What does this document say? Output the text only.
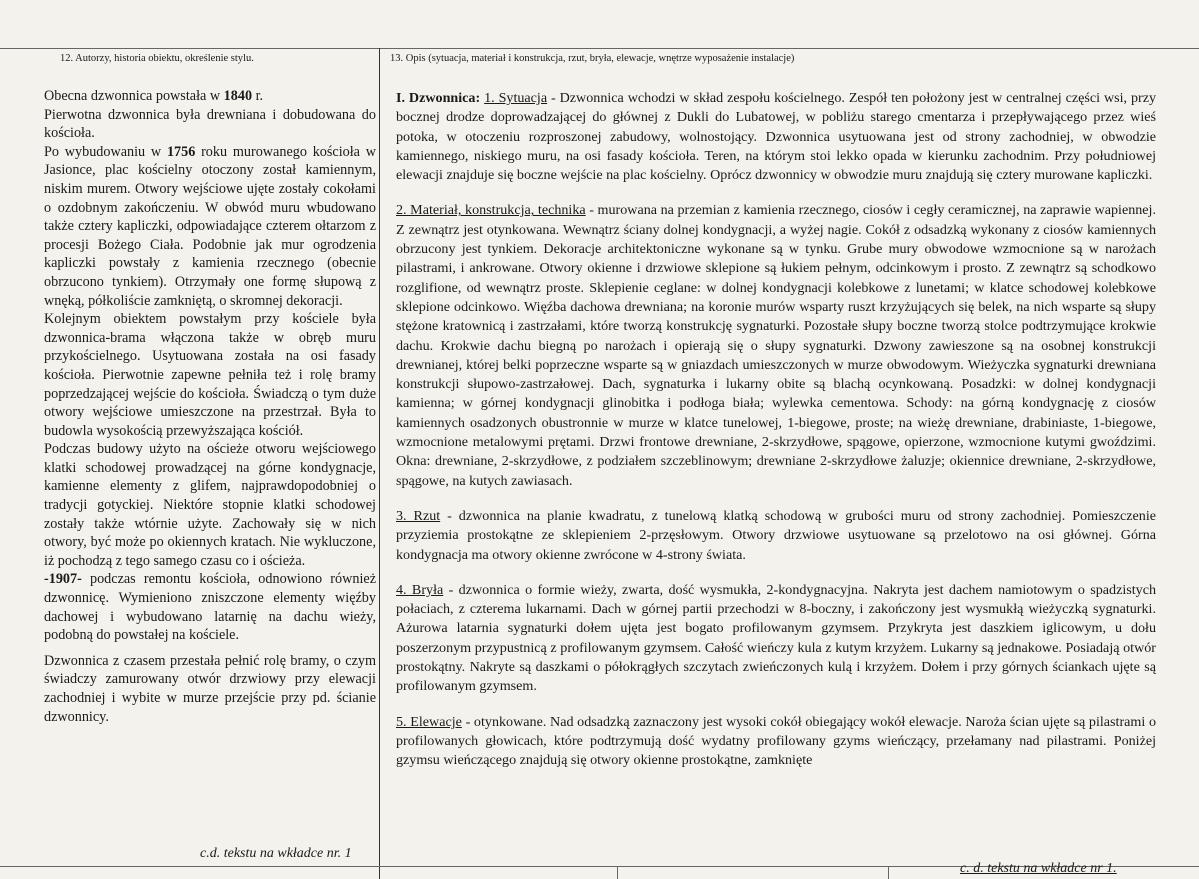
12. Autorzy, historia obiektu, określenie stylu.	13. Opis (sytuacja, materiał i konstrukcja, rzut, bryła, elewacje, wnętrze wyposażenie instalacje)

Obecna dzwonnica powstała w 1840 r.

Pierwotna dzwonnica była drewniana i dobudowana do kościoła.

Po wybudowaniu w 1756 roku murowanego kościoła w Jasionce, plac kościelny otoczony został kamiennym, niskim murem. Otwory wejściowe ujęte zostały cokołami o ozdobnym zakończeniu. W obwód muru wbudowano także cztery kapliczki, odpowiadające czterem ołtarzom z procesji Bożego Ciała. Podobnie jak mur ogrodzenia kapliczki powstały z kamienia rzecznego (obecnie obrzucono tynkiem). Otrzymały one formę słupową z wnęką, półkoliście zamkniętą, o skromnej dekoracji.

Kolejnym obiektem powstałym przy kościele była dzwonnica-brama włączona także w obręb muru przykościelnego. Usytuowana została na osi fasady kościoła. Pierwotnie zapewne pełniła też i rolę bramy poprzedzającej wejście do kościoła. Świadczą o tym duże otwory wejściowe umieszczone na przestrzał. Była to budowla wysokością przewyższająca kościół.

Podczas budowy użyto na ościeże otworu wejściowego klatki schodowej prowadzącej na górne kondygnacje, kamienne elementy z glifem, najprawdopodobniej o tradycji gotyckiej. Niektóre stopnie klatki schodowej zostały także wtórnie użyte. Zachowały się w nich otwory, być może po okiennych kratach. Nie wykluczone, iż pochodzą z tego samego czasu co i ościeża.

-1907- podczas remontu kościoła, odnowiono również dzwonnicę. Wymieniono zniszczone elementy więźby dachowej i wybudowano latarnię na dachu wieży, podobną do powstałej na kościele.

Dzwonnica z czasem przestała pełnić rolę bramy, o czym świadczy zamurowany otwór drzwiowy przy elewacji zachodniej i wybite w murze przejście przy pd. ścianie dzwonnicy.

c.d. tekstu na wkładce nr. 1

I. Dzwonnica: 1. Sytuacja - Dzwonnica wchodzi w skład zespołu kościelnego. Zespół ten położony jest w centralnej części wsi, przy bocznej drodze doprowadzającej do głównej z Dukli do Lubatowej, w pobliżu starego cmentarza i przepływającego przez wieś potoka, w otoczeniu rozproszonej zabudowy, wolnostojący. Dzwonnica usytuowana jest od strony zachodniej, w obwodzie kamiennego, niskiego muru, na osi fasady kościoła. Teren, na którym stoi lekko opada w kierunku zachodnim. Przy południowej elewacji znajduje się boczne wejście na plac kościelny. Oprócz dzwonnicy w obwodzie muru znajdują się cztery murowane kapliczki.

2. Materiał, konstrukcja, technika - murowana na przemian z kamienia rzecznego, ciosów i cegły ceramicznej, na zaprawie wapiennej. Z zewnątrz jest otynkowana. Wewnątrz ściany dolnej kondygnacji, a wyżej nagie. Cokół z odsadzką wykonany z ciosów kamiennych obrzucony jest tynkiem. Dekoracje architektoniczne wykonane są w tynku. Grube mury obwodowe wzmocnione są w narożach pilastrami, i ankrowane. Otwory okienne i drzwiowe sklepione są łukiem pełnym, odcinkowym i prosto. Z zewnątrz są schodkowo rozglifione, od wewnątrz proste. Sklepienie ceglane: w dolnej kondygnacji kolebkowe z lunetami; w klatce schodowej kolebkowe sklepione odcinkowo. Więźba dachowa drewniana; na koronie murów wsparty ruszt krzyżujących się belek, na nich wsparte są słupy stężone kratownicą i zastrzałami, które tworzą konstrukcję sygnaturki. Pozostałe słupy boczne tworzą stolce podtrzymujące krokwie dachu. Krokwie dachu biegną po narożach i opierają się o słupy sygnaturki. Dzwony zawieszone są na osobnej konstrukcji drewnianej, której belki poprzeczne wsparte są w gniazdach umieszczonych w murze obwodowym. Wieżyczka sygnaturki drewniana konstrukcji słupowo-zastrzałowej. Dach, sygnaturka i lukarny obite są blachą ocynkowaną. Posadzki: w dolnej kondygnacji kamienna; w górnej kondygnacji glinobitka i podłoga biała; wylewka cementowa. Schody: na górną kondygnację z ciosów kamiennych osadzonych obustronnie w murze w klatce tunelowej, 1-biegowe, proste; na wieżę drewniane, drabiniaste, 1-biegowe, wzmocnione metalowymi prętami. Drzwi frontowe drewniane, 2-skrzydłowe, spągowe, opierzone, wzmocnione kutymi gwoździmi. Okna: drewniane, 2-skrzydłowe, z podziałem szczeblinowym; drewniane 2-skrzydłowe żaluzje; okiennice drewniane, 2-skrzydłowe, spągowe, na kutych zawiasach.

3. Rzut - dzwonnica na planie kwadratu, z tunelową klatką schodową w grubości muru od strony zachodniej. Pomieszczenie przyziemia prostokątne ze sklepieniem 2-przęsłowym. Otwory drzwiowe usytuowane są przelotowo na osi głównej. Górna kondygnacja ma otwory okienne zwrócone w 4-strony świata.

4. Bryła - dzwonnica o formie wieży, zwarta, dość wysmukła, 2-kondygnacyjna. Nakryta jest dachem namiotowym o spadzistych połaciach, z czterema lukarnami. Dach w górnej partii przechodzi w 8-boczny, i zakończony jest wysmukłą wieżyczką sygnaturki. Ażurowa latarnia sygnaturki dołem ujęta jest bogato profilowanym gzymsem. Przykryta jest daszkiem iglicowym, u dołu poszerzonym przypustnicą z profilowanym gzymsem. Całość wieńczy kula z kutym krzyżem. Lukarny są jednakowe. Posiadają otwór prostokątny. Nakryte są daszkami o półokrągłych szczytach zwieńczonych kulą i krzyżem. Dołem i przy górnych ściankach ujęte są profilowanym gzymsem.

5. Elewacje - otynkowane. Nad odsadzką zaznaczony jest wysoki cokół obiegający wokół elewacje. Naroża ścian ujęte są pilastrami o profilowanych głowicach, które podtrzymują dość wydatny profilowany gzyms wieńczący, przełamany nad pilastrami. Poniżej gzymsu wieńczącego znajdują się otwory okienne prostokątne, zamknięte

c. d. tekstu na wkładce nr 1.
